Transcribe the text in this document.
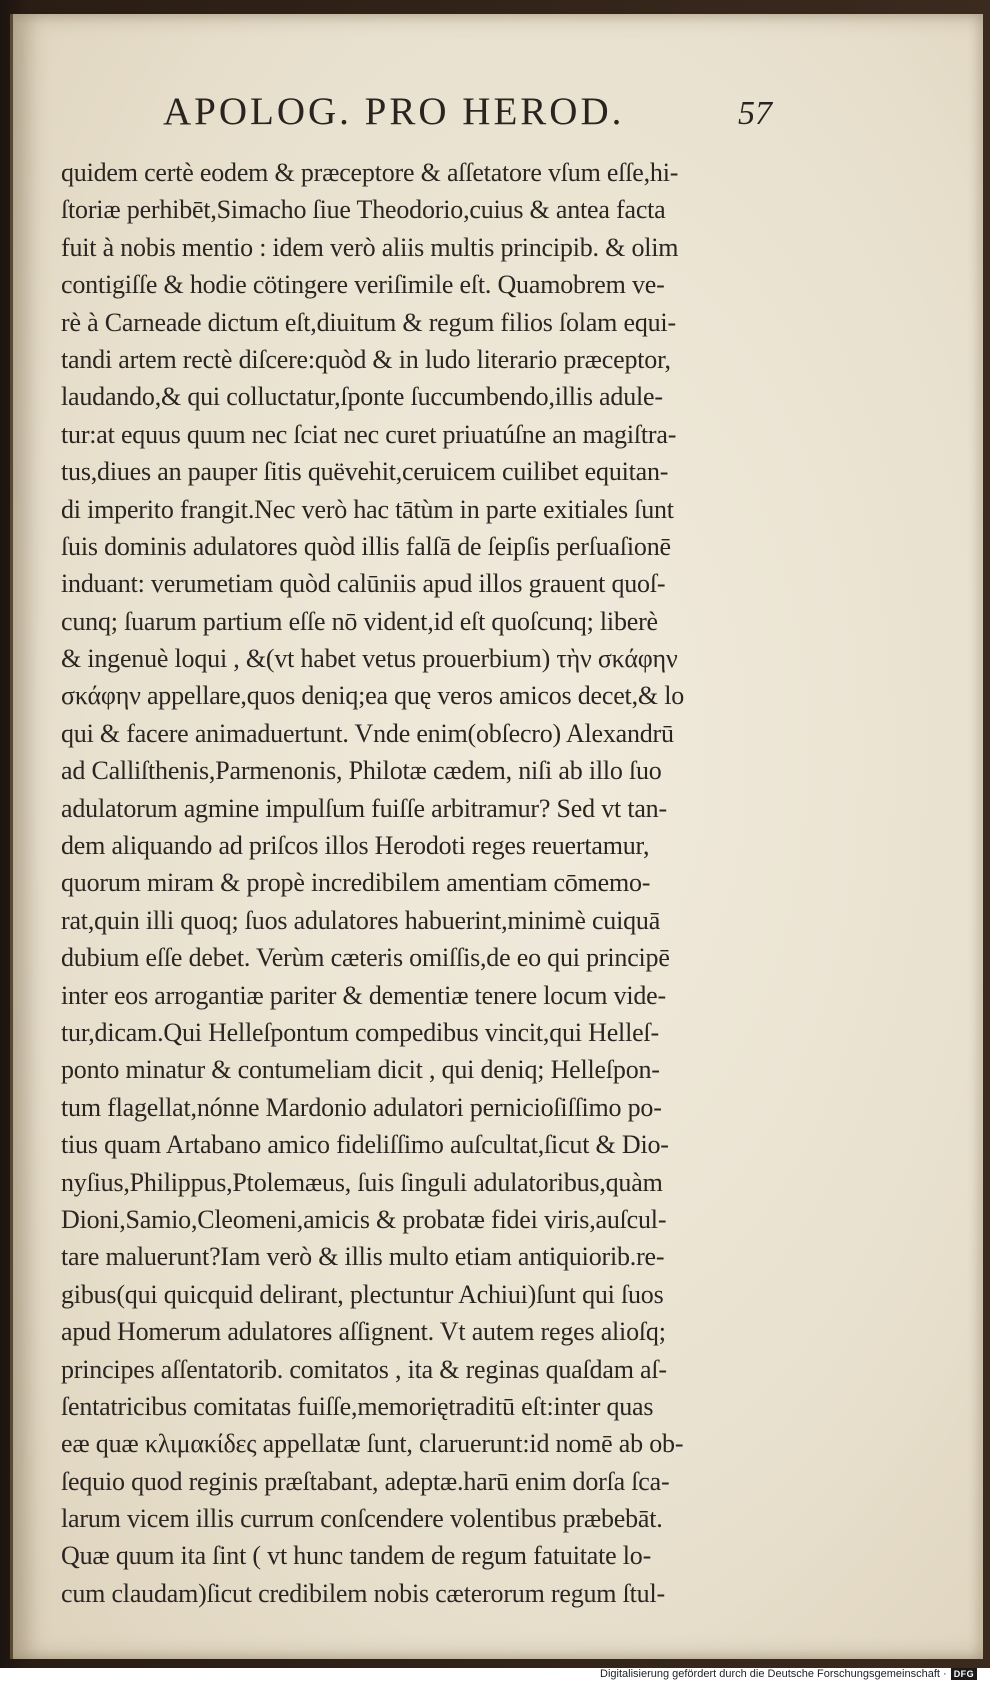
APOLOG. PRO HEROD.	57
quidem certè eodem & præceptore & aſſetatore vſum eſſe,hi-
ſtoriæ perhibēt,Simacho ſiue Theodorio,cuius & antea facta
fuit à nobis mentio : idem verò aliis multis principib. & olim
contigiſſe & hodie cötingere veriſimile eſt. Quamobrem ve-
rè à Carneade dictum eſt,diuitum & regum filios ſolam equi-
tandi artem rectè diſcere:quòd & in ludo literario præceptor,
laudando,& qui colluctatur,ſponte ſuccumbendo,illis adule-
tur:at equus quum nec ſciat nec curet priuatúſne an magiſtra-
tus,diues an pauper ſitis quëvehit,ceruicem cuilibet equitan-
di imperito frangit.Nec verò hac tātùm in parte exitiales ſunt
ſuis dominis adulatores quòd illis falſā de ſeipſis perſuaſionē
induant: verumetiam quòd calūniis apud illos grauent quoſ-
cunq; ſuarum partium eſſe nō vident,id eſt quoſcunq; liberè
& ingenuè loqui , &(vt habet vetus prouerbium) τὴν σκάφην
σκάφην appellare,quos deniq;ea quę veros amicos decet,& lo
qui & facere animaduertunt. Vnde enim(obſecro) Alexandrū
ad Calliſthenis,Parmenonis, Philotæ cædem, niſi ab illo ſuo
adulatorum agmine impulſum fuiſſe arbitramur? Sed vt tan-
dem aliquando ad priſcos illos Herodoti reges reuertamur,
quorum miram & propè incredibilem amentiam cōmemo-
rat,quin illi quoq; ſuos adulatores habuerint,minimè cuiquā
dubium eſſe debet. Verùm cæteris omiſſis,de eo qui principē
inter eos arrogantiæ pariter & dementiæ tenere locum vide-
tur,dicam.Qui Helleſpontum compedibus vincit,qui Helleſ-
ponto minatur & contumeliam dicit , qui deniq; Helleſpon-
tum flagellat,nónne Mardonio adulatori pernicioſiſſimo po-
tius quam Artabano amico fideliſſimo auſcultat,ſicut & Dio-
nyſius,Philippus,Ptolemæus, ſuis ſinguli adulatoribus,quàm
Dioni,Samio,Cleomeni,amicis & probatæ fidei viris,auſcul-
tare maluerunt?Iam verò & illis multo etiam antiquiorib.re-
gibus(qui quicquid delirant, plectuntur Achiui)ſunt qui ſuos
apud Homerum adulatores aſſignent. Vt autem reges alioſq;
principes aſſentatorib. comitatos , ita & reginas quaſdam aſ-
ſentatricibus comitatas fuiſſe,memoriętraditū eſt:inter quas
eæ quæ κλιμακίδες appellatæ ſunt, claruerunt:id nomē ab ob-
ſequio quod reginis præſtabant, adeptæ.harū enim dorſa ſca-
larum vicem illis currum conſcendere volentibus præbebāt.
Quæ quum ita ſint ( vt hunc tandem de regum fatuitate lo-
cum claudam)ſicut credibilem nobis cæterorum regum ſtul-
Digitalisierung gefördert durch die Deutsche Forschungsgemeinschaft · DFG
